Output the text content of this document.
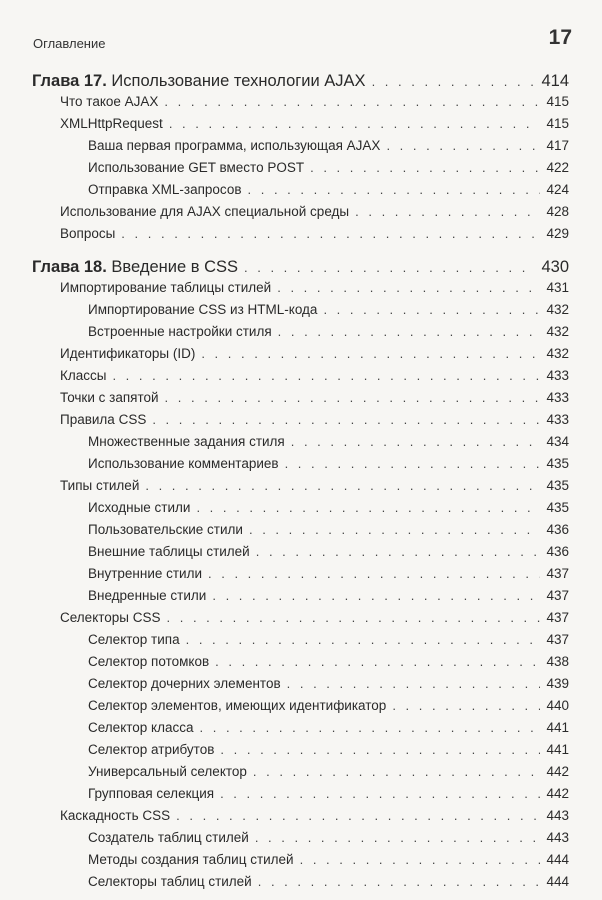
Оглавление	17
Глава 17. Использование технологии AJAX . . .	414
Что такое AJAX . . .	415
XMLHttpRequest . . .	415
Ваша первая программа, использующая AJAX . . .	417
Использование GET вместо POST . . .	422
Отправка XML-запросов . . .	424
Использование для AJAX специальной среды . . .	428
Вопросы . . .	429
Глава 18. Введение в CSS . . .	430
Импортирование таблицы стилей . . .	431
Импортирование CSS из HTML-кода . . .	432
Встроенные настройки стиля . . .	432
Идентификаторы (ID) . . .	432
Классы . . .	433
Точки с запятой . . .	433
Правила CSS . . .	433
Множественные задания стиля . . .	434
Использование комментариев . . .	435
Типы стилей . . .	435
Исходные стили . . .	435
Пользовательские стили . . .	436
Внешние таблицы стилей . . .	436
Внутренние стили . . .	437
Внедренные стили . . .	437
Селекторы CSS . . .	437
Селектор типа . . .	437
Селектор потомков . . .	438
Селектор дочерних элементов . . .	439
Селектор элементов, имеющих идентификатор . . .	440
Селектор класса . . .	441
Селектор атрибутов . . .	441
Универсальный селектор . . .	442
Групповая селекция . . .	442
Каскадность CSS . . .	443
Создатель таблиц стилей . . .	443
Методы создания таблиц стилей . . .	444
Селекторы таблиц стилей . . .	444
